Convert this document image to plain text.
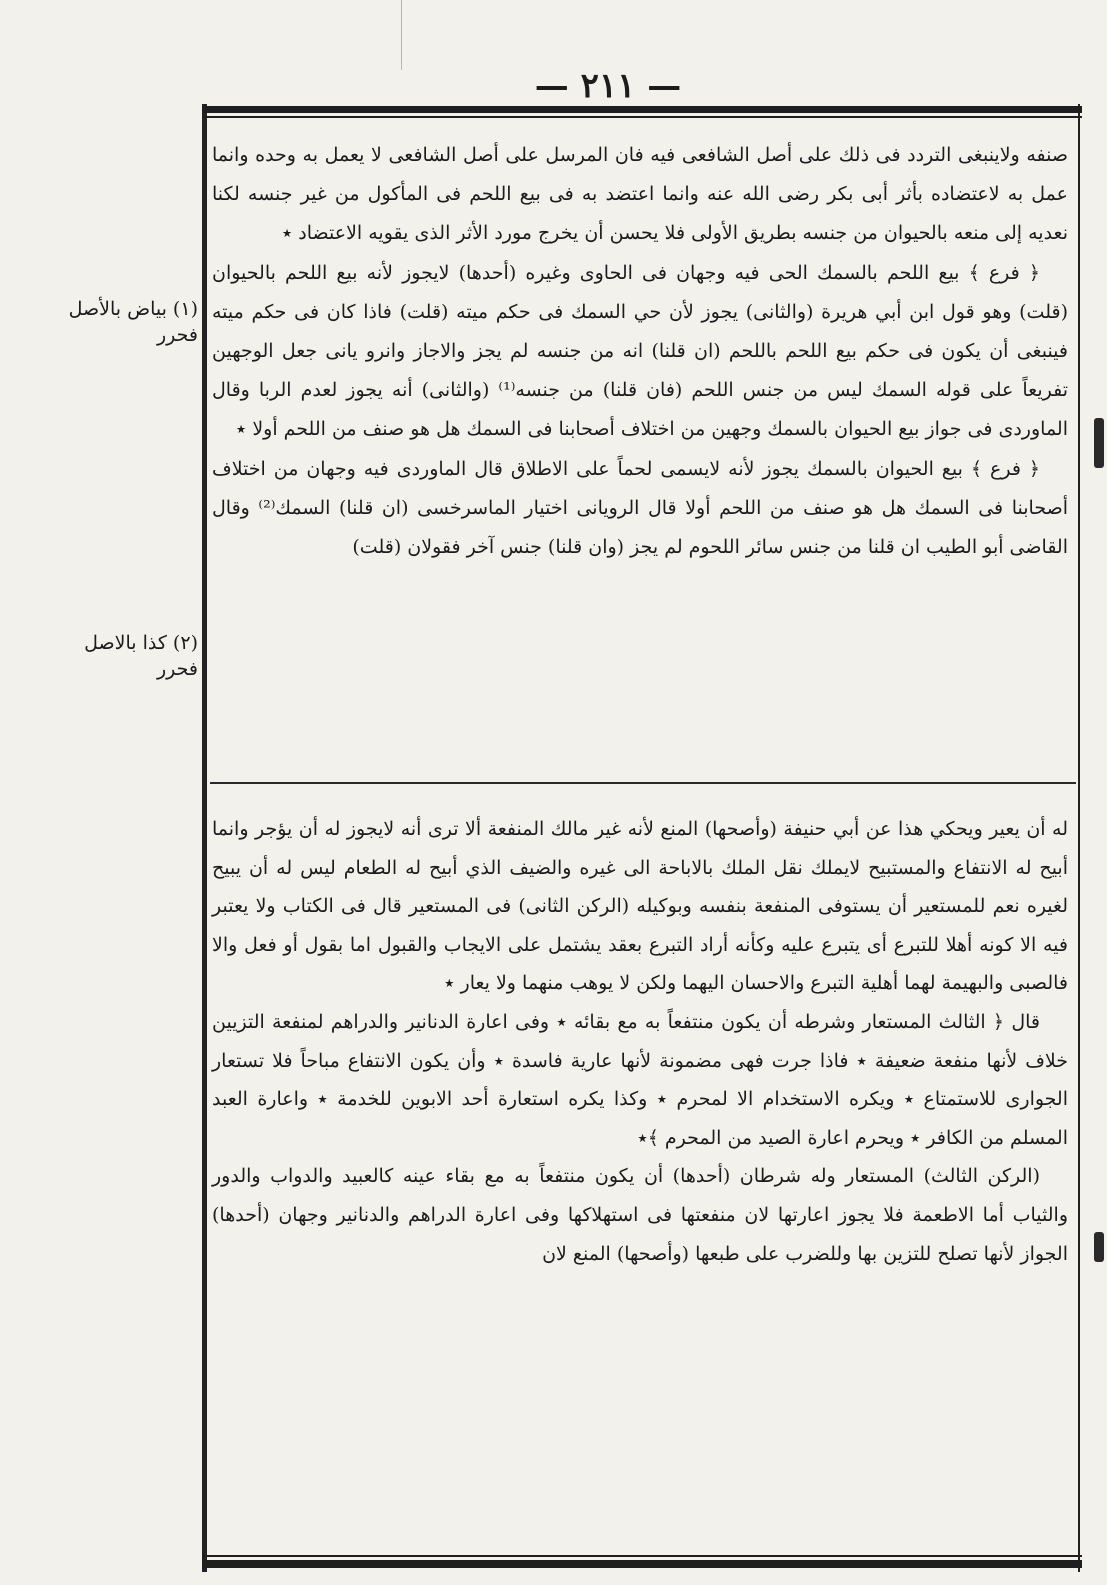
— ٢١١ —
(١) بياض بالأصل فحرر
(٢) كذا بالاصل فحرر

صنفه ولاينبغى التردد فى ذلك على أصل الشافعى فيه فان المرسل على أصل الشافعى لا يعمل به وحده وانما عمل به لاعتضاده بأثر أبى بكر رضى الله عنه وانما اعتضد به فى بيع اللحم فى المأكول من غير جنسه لكنا نعديه إلى منعه بالحيوان من جنسه بطريق الأولى فلا يحسن أن يخرج مورد الأثر الذى يقويه الاعتضاد ٭

﴿ فرع ﴾ بيع اللحم بالسمك الحى فيه وجهان فى الحاوى وغيره (أحدها) لايجوز لأنه بيع اللحم بالحيوان (قلت) وهو قول ابن أبي هريرة (والثانى) يجوز لأن حي السمك فى حكم ميته (قلت) فاذا كان فى حكم ميته فينبغى أن يكون فى حكم بيع اللحم باللحم (ان قلنا) انه من جنسه لم يجز والاجاز وانرو يانى جعل الوجهين تفريعاً على قوله السمك ليس من جنس اللحم (فان قلنا) من جنسه⁽¹⁾ (والثانى) أنه يجوز لعدم الربا وقال الماوردى فى جواز بيع الحيوان بالسمك وجهين من اختلاف أصحابنا فى السمك هل هو صنف من اللحم أولا ٭

﴿ فرع ﴾ بيع الحيوان بالسمك يجوز لأنه لايسمى لحماً على الاطلاق قال الماوردى فيه وجهان من اختلاف أصحابنا فى السمك هل هو صنف من اللحم أولا قال الرويانى اختيار الماسرخسى (ان قلنا) السمك⁽²⁾ وقال القاضى أبو الطيب ان قلنا من جنس سائر اللحوم لم يجز (وان قلنا) جنس آخر فقولان (قلت)

له أن يعير ويحكي هذا عن أبي حنيفة (وأصحها) المنع لأنه غير مالك المنفعة ألا ترى أنه لايجوز له أن يؤجر وانما أبيح له الانتفاع والمستبيح لايملك نقل الملك بالاباحة الى غيره والضيف الذي أبيح له الطعام ليس له أن يبيح لغيره نعم للمستعير أن يستوفى المنفعة بنفسه وبوكيله (الركن الثانى) فى المستعير قال فى الكتاب ولا يعتبر فيه الا كونه أهلا للتبرع أى يتبرع عليه وكأنه أراد التبرع بعقد يشتمل على الايجاب والقبول اما بقول أو فعل والا فالصبى والبهيمة لهما أهلية التبرع والاحسان اليهما ولكن لا يوهب منهما ولا يعار ٭

قال ﴿ الثالث المستعار وشرطه أن يكون منتفعاً به مع بقائه ٭ وفى اعارة الدنانير والدراهم لمنفعة التزيين خلاف لأنها منفعة ضعيفة ٭ فاذا جرت فهى مضمونة لأنها عارية فاسدة ٭ وأن يكون الانتفاع مباحاً فلا تستعار الجوارى للاستمتاع ٭ ويكره الاستخدام الا لمحرم ٭ وكذا يكره استعارة أحد الابوين للخدمة ٭ واعارة العبد المسلم من الكافر ٭ ويحرم اعارة الصيد من المحرم ﴾٭

(الركن الثالث) المستعار وله شرطان (أحدها) أن يكون منتفعاً به مع بقاء عينه كالعبيد والدواب والدور والثياب أما الاطعمة فلا يجوز اعارتها لان منفعتها فى استهلاكها وفى اعارة الدراهم والدنانير وجهان (أحدها) الجواز لأنها تصلح للتزين بها وللضرب على طبعها (وأصحها) المنع لان
